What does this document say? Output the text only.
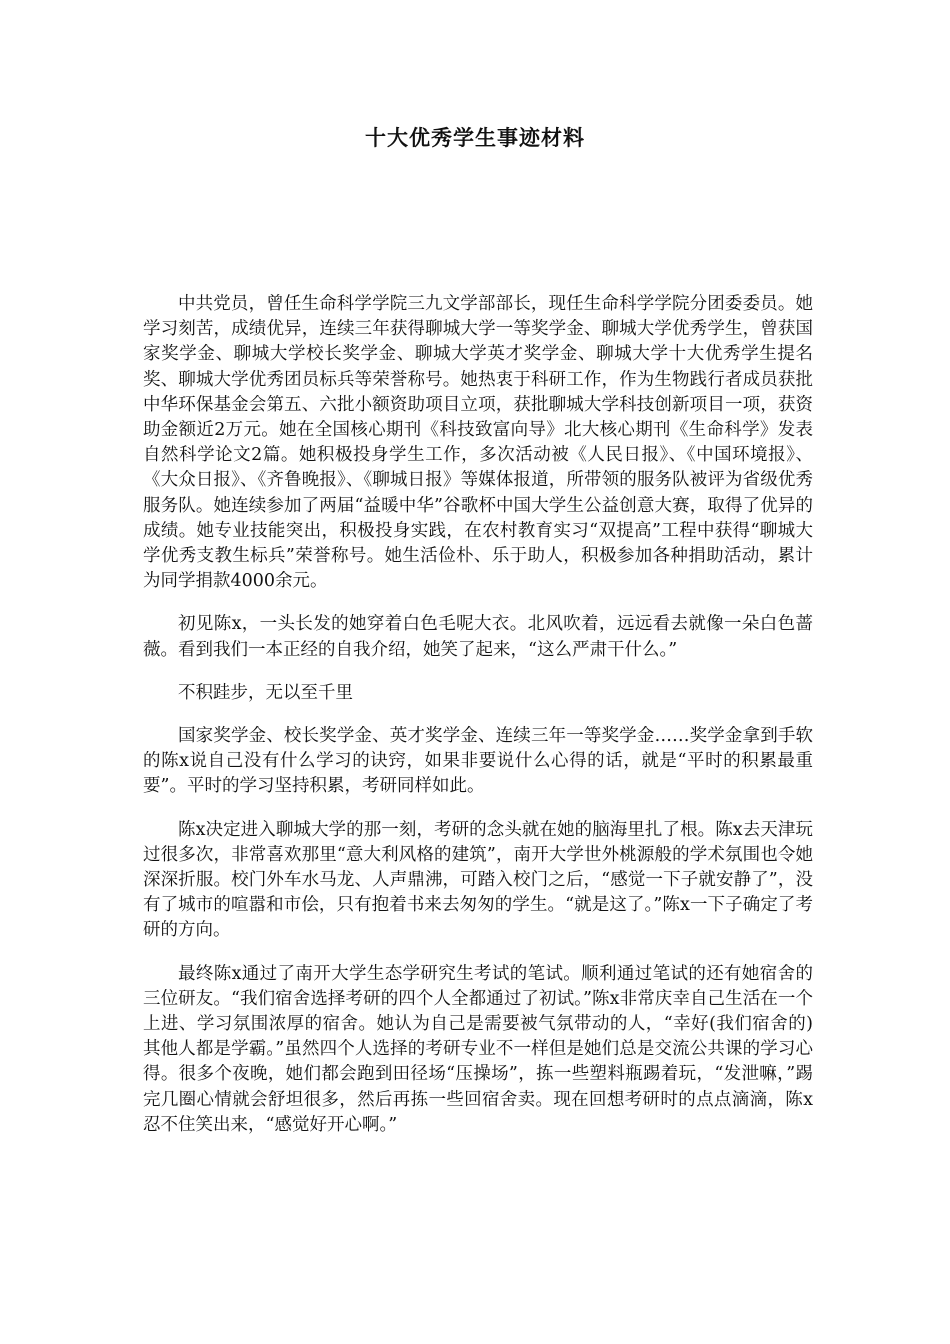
十大优秀学生事迹材料

中共党员，曾任生命科学学院三九文学部部长，现任生命科学学院分团委委员。她学习刻苦，成绩优异，连续三年获得聊城大学一等奖学金、聊城大学优秀学生，曾获国家奖学金、聊城大学校长奖学金、聊城大学英才奖学金、聊城大学十大优秀学生提名奖、聊城大学优秀团员标兵等荣誉称号。她热衷于科研工作，作为生物践行者成员获批中华环保基金会第五、六批小额资助项目立项，获批聊城大学科技创新项目一项，获资助金额近2万元。她在全国核心期刊《科技致富向导》北大核心期刊《生命科学》发表自然科学论文2篇。她积极投身学生工作，多次活动被《人民日报》、《中国环境报》、《大众日报》、《齐鲁晚报》、《聊城日报》等媒体报道，所带领的服务队被评为省级优秀服务队。她连续参加了两届“益暖中华”谷歌杯中国大学生公益创意大赛，取得了优异的成绩。她专业技能突出，积极投身实践，在农村教育实习“双提高”工程中获得“聊城大学优秀支教生标兵”荣誉称号。她生活俭朴、乐于助人，积极参加各种捐助活动，累计为同学捐款4000余元。

初见陈x，一头长发的她穿着白色毛呢大衣。北风吹着，远远看去就像一朵白色蔷薇。看到我们一本正经的自我介绍，她笑了起来，“这么严肃干什么。”

不积跬步，无以至千里

国家奖学金、校长奖学金、英才奖学金、连续三年一等奖学金……奖学金拿到手软的陈x说自己没有什么学习的诀窍，如果非要说什么心得的话，就是“平时的积累最重要”。平时的学习坚持积累，考研同样如此。

陈x决定进入聊城大学的那一刻，考研的念头就在她的脑海里扎了根。陈x去天津玩过很多次，非常喜欢那里“意大利风格的建筑”，南开大学世外桃源般的学术氛围也令她深深折服。校门外车水马龙、人声鼎沸，可踏入校门之后，“感觉一下子就安静了”，没有了城市的喧嚣和市侩，只有抱着书来去匆匆的学生。“就是这了。”陈x一下子确定了考研的方向。

最终陈x通过了南开大学生态学研究生考试的笔试。顺利通过笔试的还有她宿舍的三位研友。“我们宿舍选择考研的四个人全都通过了初试。”陈x非常庆幸自己生活在一个上进、学习氛围浓厚的宿舍。她认为自己是需要被气氛带动的人，“幸好(我们宿舍的)其他人都是学霸。”虽然四个人选择的考研专业不一样但是她们总是交流公共课的学习心得。很多个夜晚，她们都会跑到田径场“压操场”，拣一些塑料瓶踢着玩，“发泄嘛，”踢完几圈心情就会舒坦很多，然后再拣一些回宿舍卖。现在回想考研时的点点滴滴，陈x忍不住笑出来，“感觉好开心啊。”
